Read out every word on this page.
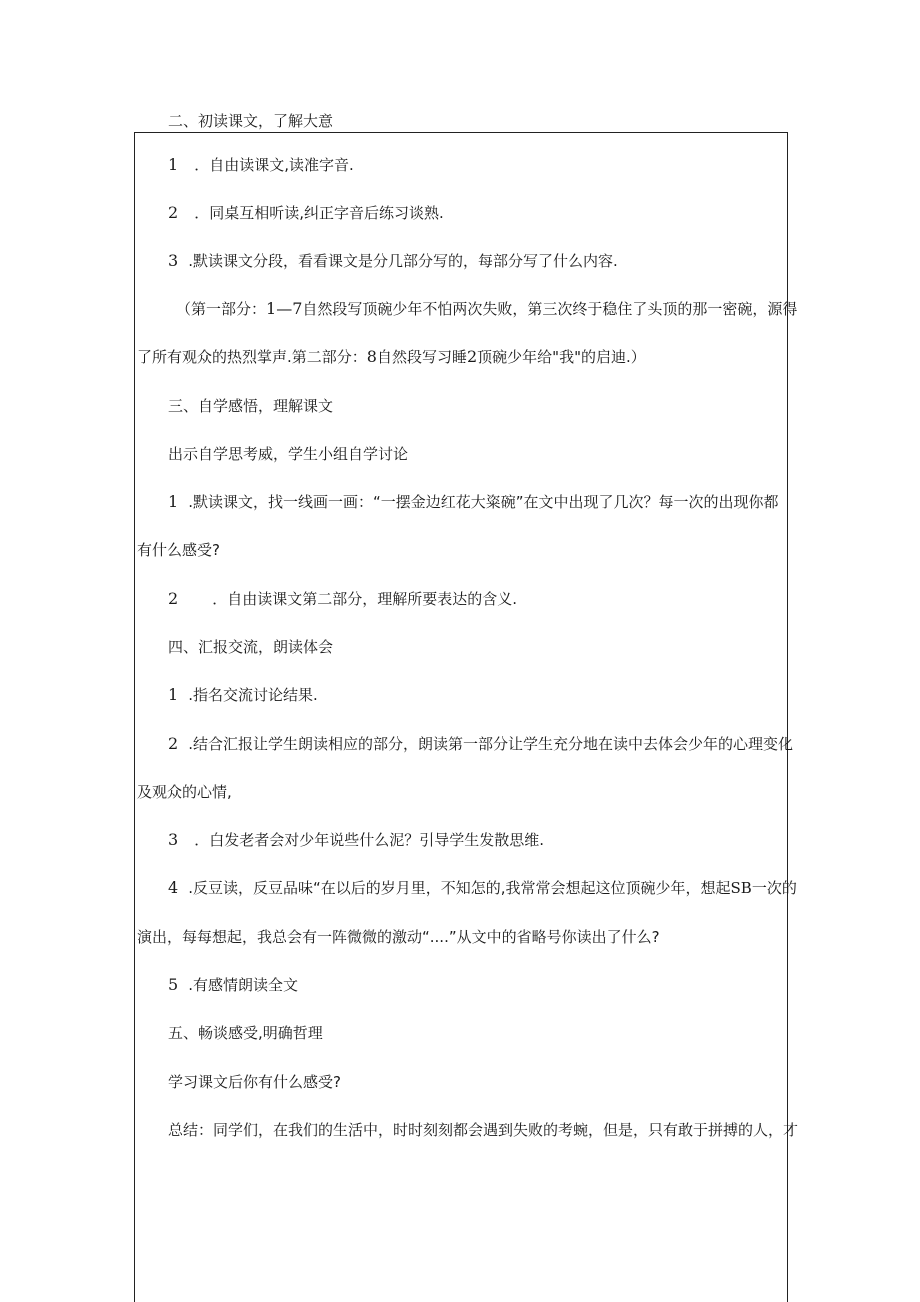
二、初读课文，了解大意
1 ．自由读课文,读准字音.
2 ．同桌互相听读,纠正字音后练习谈熟.
3 .默读课文分段，看看课文是分几部分写的，每部分写了什么内容.
（第一部分：1—7自然段写顶碗少年不怕两次失败，第三次终于稳住了头顶的那一密碗，源得
了所有观众的热烈掌声.第二部分：8自然段写习睡2顶碗少年给"我"的启迪.）
三、自学感悟，理解课文
出示自学思考威，学生小组自学讨论
1 .默读课文，找一线画一画：“一摆金边红花大粢碗”在文中出现了几次？每一次的出现你都
有什么感受?
2 ．自由读课文第二部分，理解所要表达的含义.
四、汇报交流，朗读体会
1 .指名交流讨论结果.
2 .结合汇报让学生朗读相应的部分，朗读第一部分让学生充分地在读中去体会少年的心理变化
及观众的心情,
3 ．白发老者会对少年说些什么泥？引导学生发散思维.
4 .反豆读，反豆品味“在以后的岁月里，不知怎的,我常常会想起这位顶碗少年，想起SB一次的
演出，每每想起，我总会有一阵微微的激动“....”从文中的省略号你读出了什么?
5 .有感情朗读全文
五、畅谈感受,明确哲理
学习课文后你有什么感受?
总结：同学们，在我们的生活中，时时刻刻都会遇到失败的考蜿，但是，只有敢于拼搏的人，才
